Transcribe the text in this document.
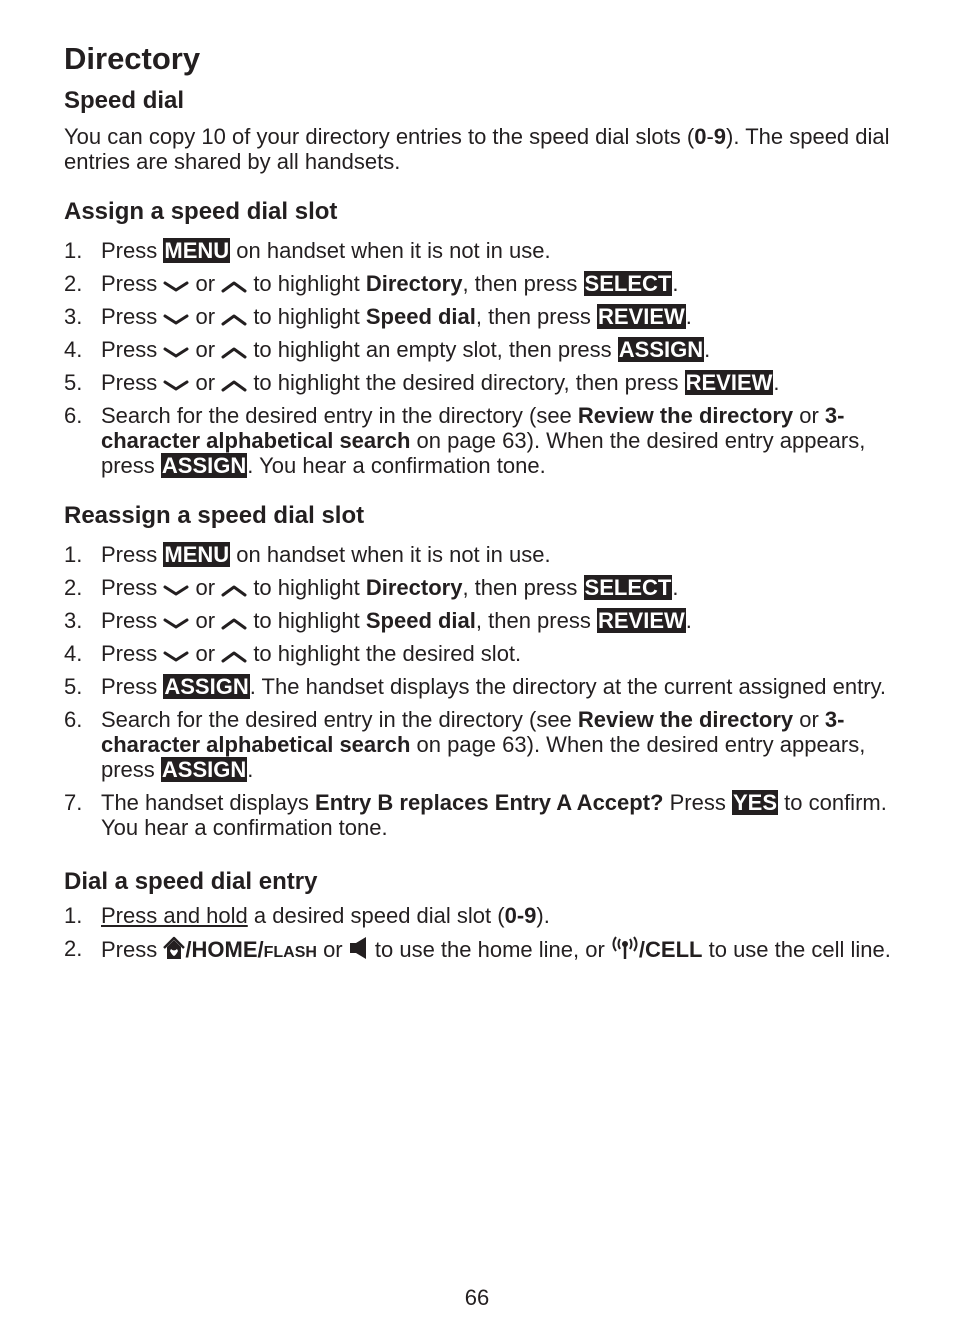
Directory
Speed dial

You can copy 10 of your directory entries to the speed dial slots (0-9). The speed dial entries are shared by all handsets.

Assign a speed dial slot
1. Press MENU on handset when it is not in use.
2. Press or to highlight Directory, then press SELECT.
3. Press or to highlight Speed dial, then press REVIEW.
4. Press or to highlight an empty slot, then press ASSIGN.
5. Press or to highlight the desired directory, then press REVIEW.
6. Search for the desired entry in the directory (see Review the directory or 3-character alphabetical search on page 63). When the desired entry appears, press ASSIGN. You hear a confirmation tone.
Reassign a speed dial slot
1. Press MENU on handset when it is not in use.
2. Press or to highlight Directory, then press SELECT.
3. Press or to highlight Speed dial, then press REVIEW.
4. Press or to highlight the desired slot.
5. Press ASSIGN. The handset displays the directory at the current assigned entry.
6. Search for the desired entry in the directory (see Review the directory or 3-character alphabetical search on page 63). When the desired entry appears, press ASSIGN.
7. The handset displays Entry B replaces Entry A Accept? Press YES to confirm. You hear a confirmation tone.
Dial a speed dial entry
1. Press and hold a desired speed dial slot (0-9).
2. Press /HOME/FLASH or to use the home line, or /CELL to use the cell line.
66
